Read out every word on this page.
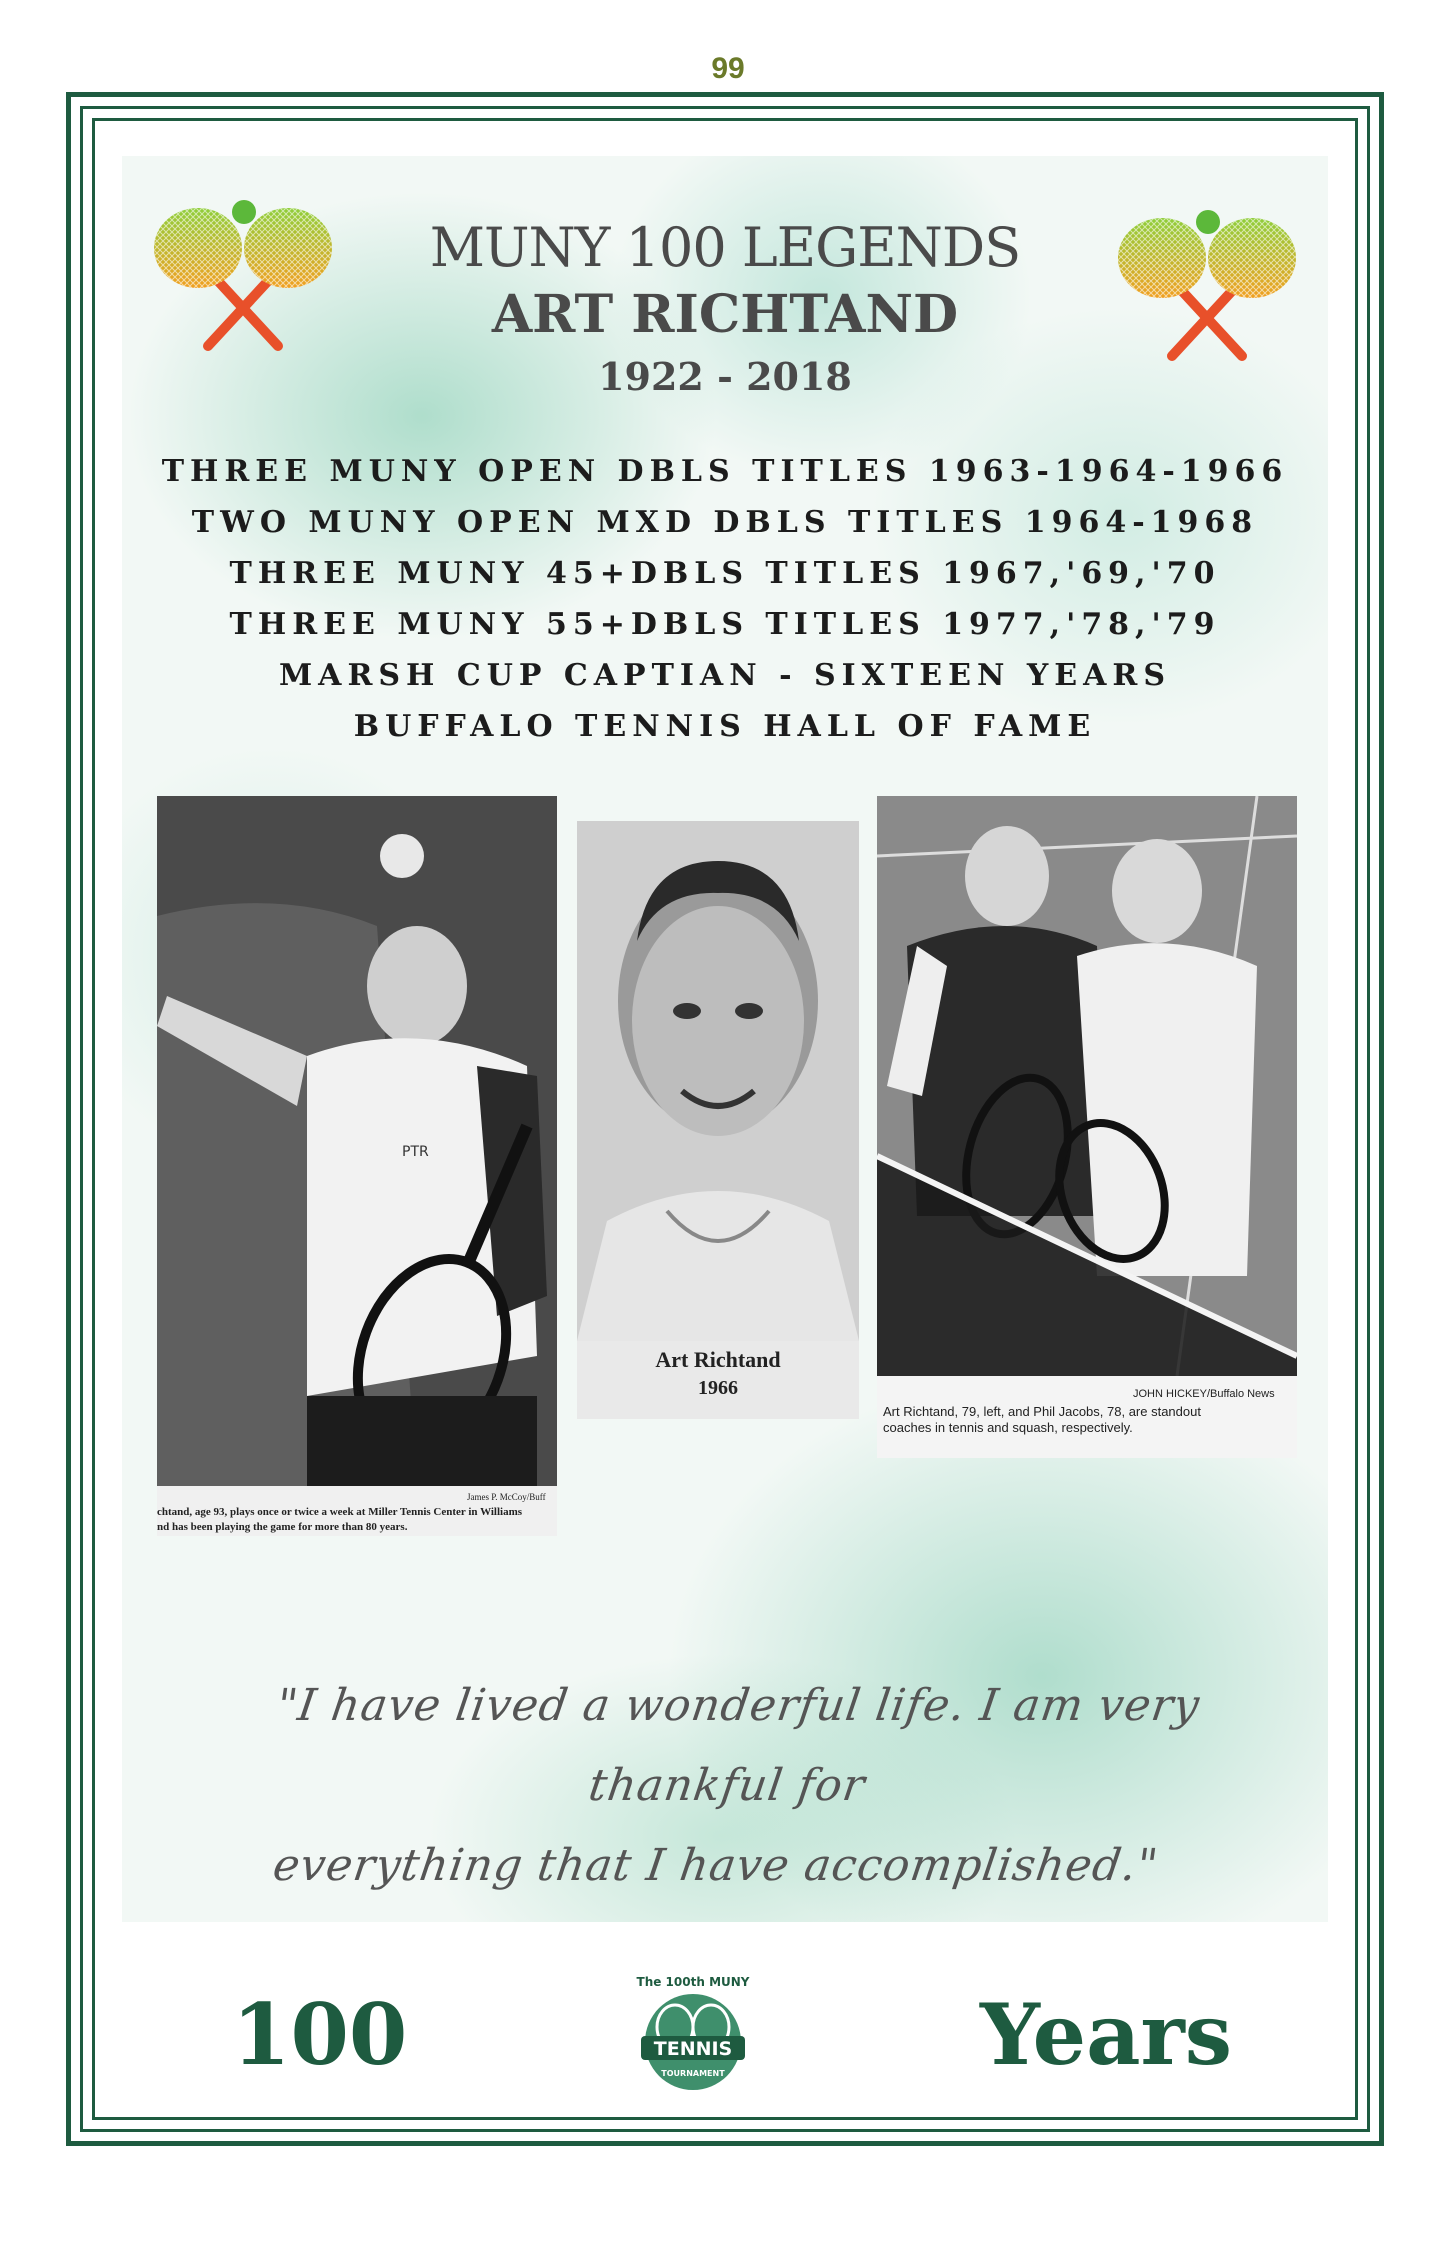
99
MUNY 100 LEGENDS
ART RICHTAND
1922 - 2018
THREE MUNY OPEN DBLS TITLES 1963-1964-1966
TWO MUNY OPEN MXD DBLS TITLES 1964-1968
THREE MUNY 45+DBLS TITLES 1967,'69,'70
THREE MUNY 55+DBLS TITLES 1977,'78,'79
MARSH CUP CAPTIAN - SIXTEEN YEARS
BUFFALO TENNIS HALL OF FAME
PTR
James P. McCoy/Buff
chtand, age 93, plays once or twice a week at Miller Tennis Center in Williams
nd has been playing the game for more than 80 years.
Art Richtand
1966	JOHN HICKEY/Buffalo News
Art Richtand, 79, left, and Phil Jacobs, 78, are standout
coaches in tennis and squash, respectively.
"I have lived a wonderful life. I am very thankful for
everything that I have accomplished."
100
The 100th MUNY
TENNIS
TOURNAMENT	Years
